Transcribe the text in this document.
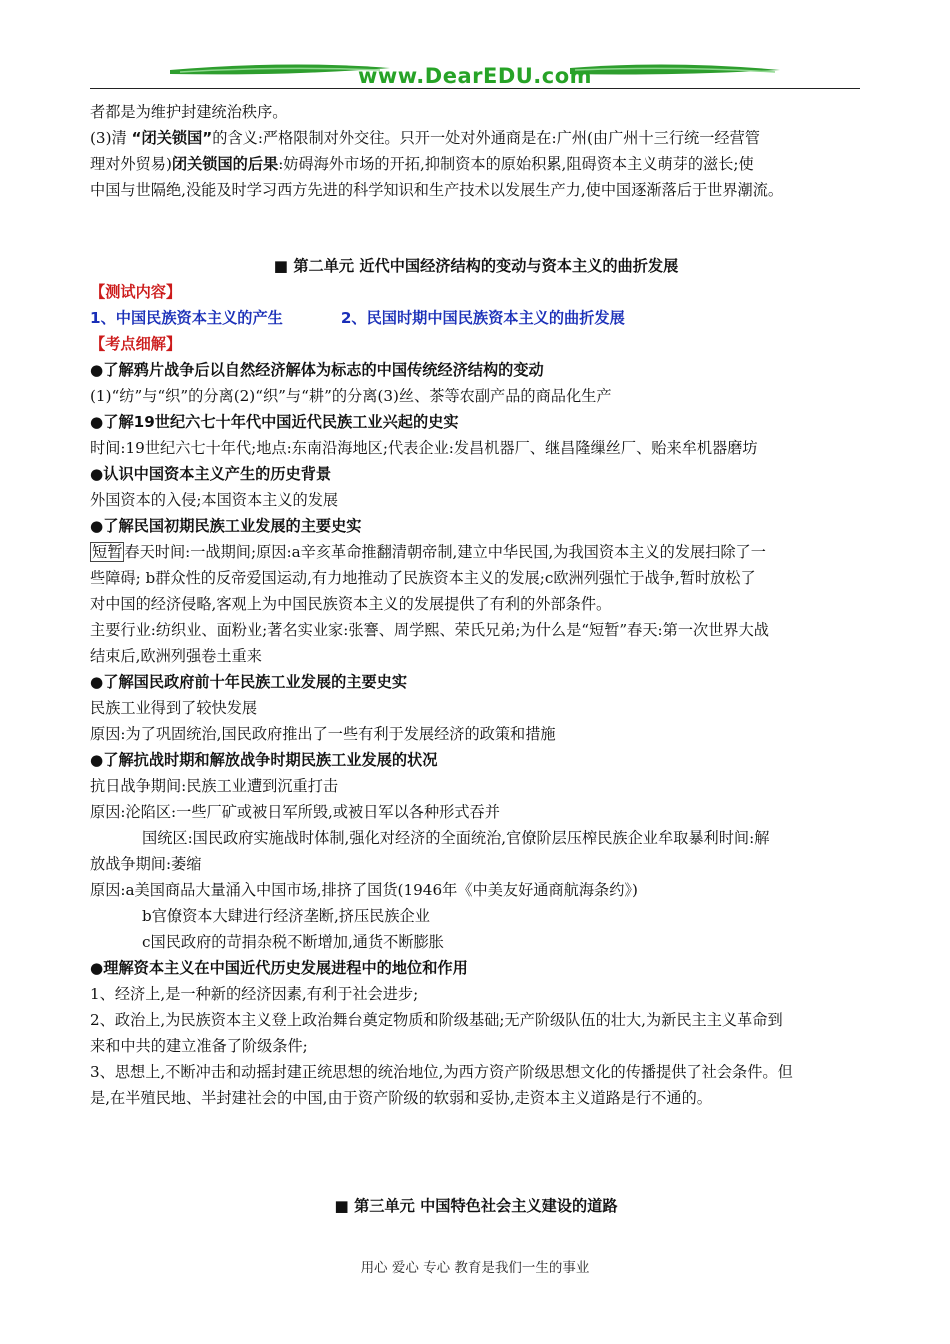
www.DearEDU.com
者都是为维护封建统治秩序。
(3)清 “闭关锁国”的含义:严格限制对外交往。只开一处对外通商是在:广州(由广州十三行统一经营管
理对外贸易)闭关锁国的后果:妨碍海外市场的开拓,抑制资本的原始积累,阻碍资本主义萌芽的滋长;使
中国与世隔绝,没能及时学习西方先进的科学知识和生产技术以发展生产力,使中国逐渐落后于世界潮流。
■ 第二单元 近代中国经济结构的变动与资本主义的曲折发展
【测试内容】
1、中国民族资本主义的产生	2、民国时期中国民族资本主义的曲折发展
【考点细解】
●了解鸦片战争后以自然经济解体为标志的中国传统经济结构的变动
(1)“纺”与“织”的分离(2)“织”与“耕”的分离(3)丝、茶等农副产品的商品化生产
●了解19世纪六七十年代中国近代民族工业兴起的史实
时间:19世纪六七十年代;地点:东南沿海地区;代表企业:发昌机器厂、继昌隆缫丝厂、贻来牟机器磨坊
●认识中国资本主义产生的历史背景
外国资本的入侵;本国资本主义的发展
●了解民国初期民族工业发展的主要史实
短暂 春天时间:一战期间;原因:a辛亥革命推翻清朝帝制,建立中华民国,为我国资本主义的发展扫除了一
些障碍; b群众性的反帝爱国运动,有力地推动了民族资本主义的发展;c欧洲列强忙于战争,暂时放松了
对中国的经济侵略,客观上为中国民族资本主义的发展提供了有利的外部条件。
主要行业:纺织业、面粉业;著名实业家:张謇、周学熙、荣氏兄弟;为什么是“短暂”春天:第一次世界大战
结束后,欧洲列强卷土重来
●了解国民政府前十年民族工业发展的主要史实
民族工业得到了较快发展
原因:为了巩固统治,国民政府推出了一些有利于发展经济的政策和措施
●了解抗战时期和解放战争时期民族工业发展的状况
抗日战争期间:民族工业遭到沉重打击
原因:沦陷区:一些厂矿或被日军所毁,或被日军以各种形式吞并
国统区:国民政府实施战时体制,强化对经济的全面统治,官僚阶层压榨民族企业牟取暴利时间:解
放战争期间:萎缩
原因:a美国商品大量涌入中国市场,排挤了国货(1946年《中美友好通商航海条约》)
b官僚资本大肆进行经济垄断,挤压民族企业
c国民政府的苛捐杂税不断增加,通货不断膨胀
●理解资本主义在中国近代历史发展进程中的地位和作用
1、经济上,是一种新的经济因素,有利于社会进步;
2、政治上,为民族资本主义登上政治舞台奠定物质和阶级基础;无产阶级队伍的壮大,为新民主主义革命到
来和中共的建立准备了阶级条件;
3、思想上,不断冲击和动摇封建正统思想的统治地位,为西方资产阶级思想文化的传播提供了社会条件。但
是,在半殖民地、半封建社会的中国,由于资产阶级的软弱和妥协,走资本主义道路是行不通的。
■ 第三单元 中国特色社会主义建设的道路
用心 爱心 专心 教育是我们一生的事业
